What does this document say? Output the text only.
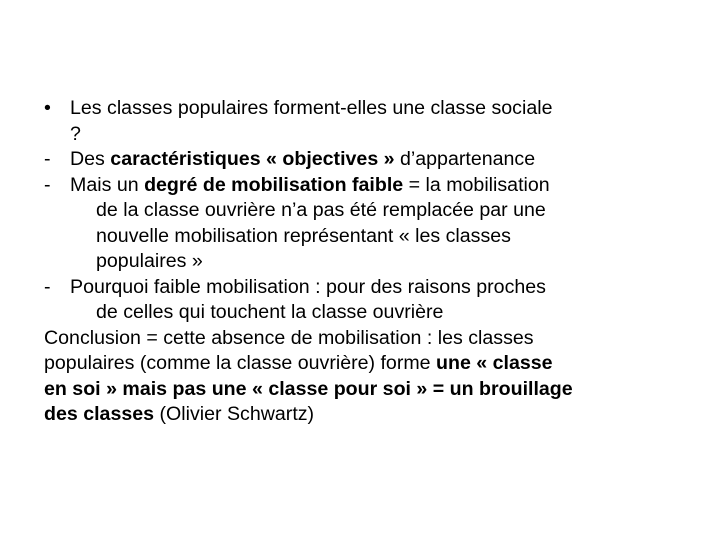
• Les classes populaires forment-elles une classe sociale
?
- Des caractéristiques « objectives » d’appartenance
- Mais un degré de mobilisation faible = la mobilisation
de la classe ouvrière n’a pas été remplacée par une
nouvelle mobilisation représentant « les classes
populaires »
- Pourquoi faible mobilisation : pour des raisons proches
de celles qui touchent la classe ouvrière
Conclusion = cette absence de mobilisation : les classes
populaires (comme la classe ouvrière) forme une « classe
en soi » mais pas une « classe pour soi » = un brouillage
des classes (Olivier Schwartz)
